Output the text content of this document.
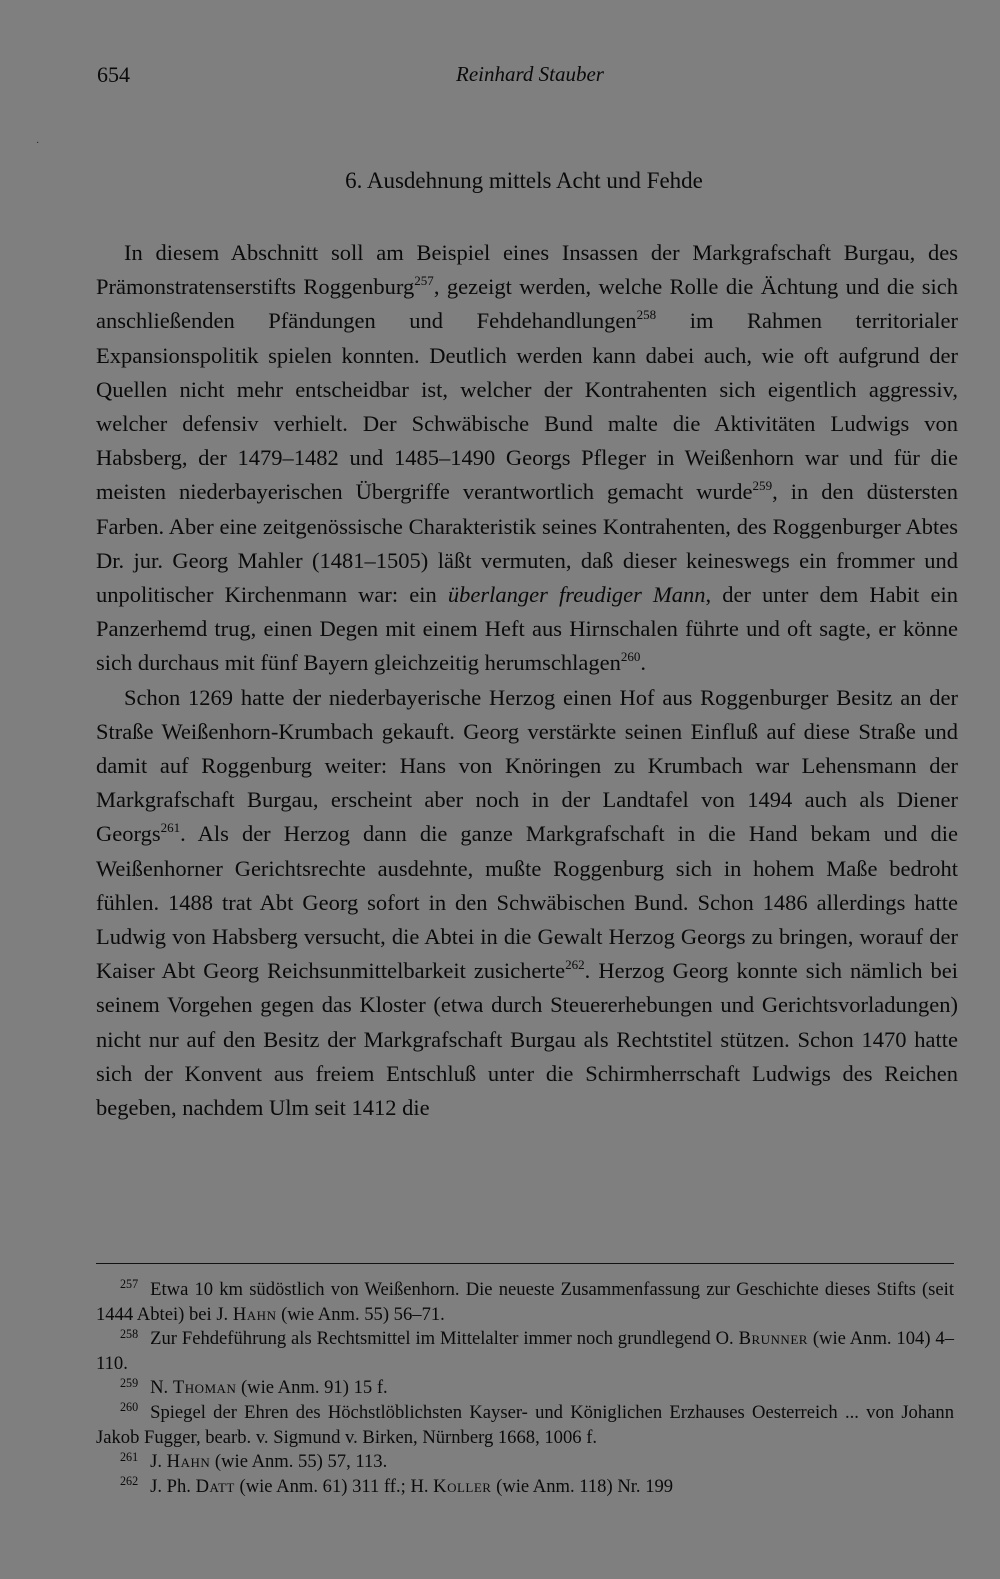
654	Reinhard Stauber
·
6. Ausdehnung mittels Acht und Fehde

In diesem Abschnitt soll am Beispiel eines Insassen der Markgrafschaft Burgau, des Prämonstratenserstifts Roggenburg$^{257}$, gezeigt werden, welche Rolle die Ächtung und die sich anschließenden Pfändungen und Fehdehandlungen$^{258}$ im Rahmen territorialer Expansionspolitik spielen konnten. Deutlich werden kann dabei auch, wie oft aufgrund der Quellen nicht mehr entscheidbar ist, welcher der Kontrahenten sich eigentlich aggressiv, welcher defensiv verhielt. Der Schwäbische Bund malte die Aktivitäten Ludwigs von Habsberg, der 1479–1482 und 1485–1490 Georgs Pfleger in Weißenhorn war und für die meisten niederbayerischen Übergriffe verantwortlich gemacht wurde$^{259}$, in den düstersten Farben. Aber eine zeitgenössische Charakteristik seines Kontrahenten, des Roggenburger Abtes Dr. jur. Georg Mahler (1481–1505) läßt vermuten, daß dieser keineswegs ein frommer und unpolitischer Kirchenmann war: ein überlanger freudiger Mann, der unter dem Habit ein Panzerhemd trug, einen Degen mit einem Heft aus Hirnschalen führte und oft sagte, er könne sich durchaus mit fünf Bayern gleichzeitig herumschlagen$^{260}$.

Schon 1269 hatte der niederbayerische Herzog einen Hof aus Roggenburger Besitz an der Straße Weißenhorn-Krumbach gekauft. Georg verstärkte seinen Einfluß auf diese Straße und damit auf Roggenburg weiter: Hans von Knöringen zu Krumbach war Lehensmann der Markgrafschaft Burgau, erscheint aber noch in der Landtafel von 1494 auch als Diener Georgs$^{261}$. Als der Herzog dann die ganze Markgrafschaft in die Hand bekam und die Weißenhorner Gerichtsrechte ausdehnte, mußte Roggenburg sich in hohem Maße bedroht fühlen. 1488 trat Abt Georg sofort in den Schwäbischen Bund. Schon 1486 allerdings hatte Ludwig von Habsberg versucht, die Abtei in die Gewalt Herzog Georgs zu bringen, worauf der Kaiser Abt Georg Reichsunmittelbarkeit zusicherte$^{262}$. Herzog Georg konnte sich nämlich bei seinem Vorgehen gegen das Kloster (etwa durch Steuererhebungen und Gerichtsvorladungen) nicht nur auf den Besitz der Markgrafschaft Burgau als Rechtstitel stützen. Schon 1470 hatte sich der Konvent aus freiem Entschluß unter die Schirmherrschaft Ludwigs des Reichen begeben, nachdem Ulm seit 1412 die

$^{257}$ Etwa 10 km südöstlich von Weißenhorn. Die neueste Zusammenfassung zur Geschichte dieses Stifts (seit 1444 Abtei) bei J. Hahn (wie Anm. 55) 56–71.

$^{258}$ Zur Fehdeführung als Rechtsmittel im Mittelalter immer noch grundlegend O. Brunner (wie Anm. 104) 4–110.

$^{259}$ N. Thoman (wie Anm. 91) 15 f.

$^{260}$ Spiegel der Ehren des Höchstlöblichsten Kayser- und Königlichen Erzhauses Oesterreich ... von Johann Jakob Fugger, bearb. v. Sigmund v. Birken, Nürnberg 1668, 1006 f.

$^{261}$ J. Hahn (wie Anm. 55) 57, 113.

$^{262}$ J. Ph. Datt (wie Anm. 61) 311 ff.; H. Koller (wie Anm. 118) Nr. 199
